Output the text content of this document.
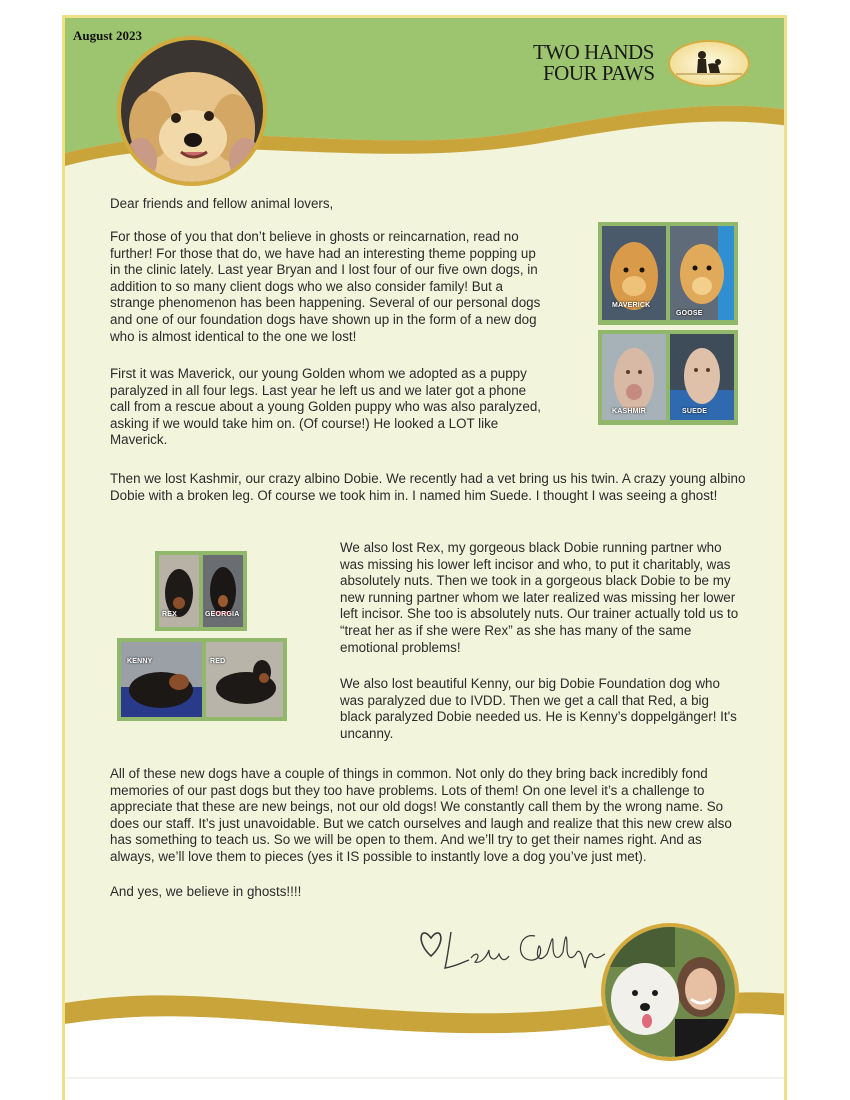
August 2023
TWO HANDS
FOUR PAWS

Dear friends and fellow animal lovers,

For those of you that don’t believe in ghosts or reincarnation, read no further! For those that do, we have had an interesting theme popping up in the clinic lately. Last year Bryan and I lost four of our five own dogs, in addition to so many client dogs who we also consider family! But a strange phenomenon has been happening. Several of our personal dogs and one of our foundation dogs have shown up in the form of a new dog who is almost identical to the one we lost!

First it was Maverick, our young Golden whom we adopted as a puppy paralyzed in all four legs. Last year he left us and we later got a phone call from a rescue about a young Golden puppy who was also paralyzed, asking if we would take him on. (Of course!) He looked a LOT like Maverick.

Then we lost Kashmir, our crazy albino Dobie. We recently had a vet bring us his twin. A crazy young albino Dobie with a broken leg. Of course we took him in. I named him Suede. I thought I was seeing a ghost!

We also lost Rex, my gorgeous black Dobie running partner who was missing his lower left incisor and who, to put it charitably, was absolutely nuts. Then we took in a gorgeous black Dobie to be my new running partner whom we later realized was missing her lower left incisor. She too is absolutely nuts. Our trainer actually told us to “treat her as if she were Rex” as she has many of the same emotional problems!

We also lost beautiful Kenny, our big Dobie Foundation dog who was paralyzed due to IVDD. Then we get a call that Red, a big black paralyzed Dobie needed us. He is Kenny’s doppelgänger! It's uncanny.

All of these new dogs have a couple of things in common. Not only do they bring back incredibly fond memories of our past dogs but they too have problems. Lots of them! On one level it’s a challenge to appreciate that these are new beings, not our old dogs! We constantly call them by the wrong name. So does our staff. It’s just unavoidable. But we catch ourselves and laugh and realize that this new crew also has something to teach us. So we will be open to them. And we’ll try to get their names right. And as always, we’ll love them to pieces (yes it IS possible to instantly love a dog you’ve just met).

And yes, we believe in ghosts!!!!

MAVERICK
GOOSE
KASHMIR	SUEDE
REX	GEORGIA
KENNY	RED
